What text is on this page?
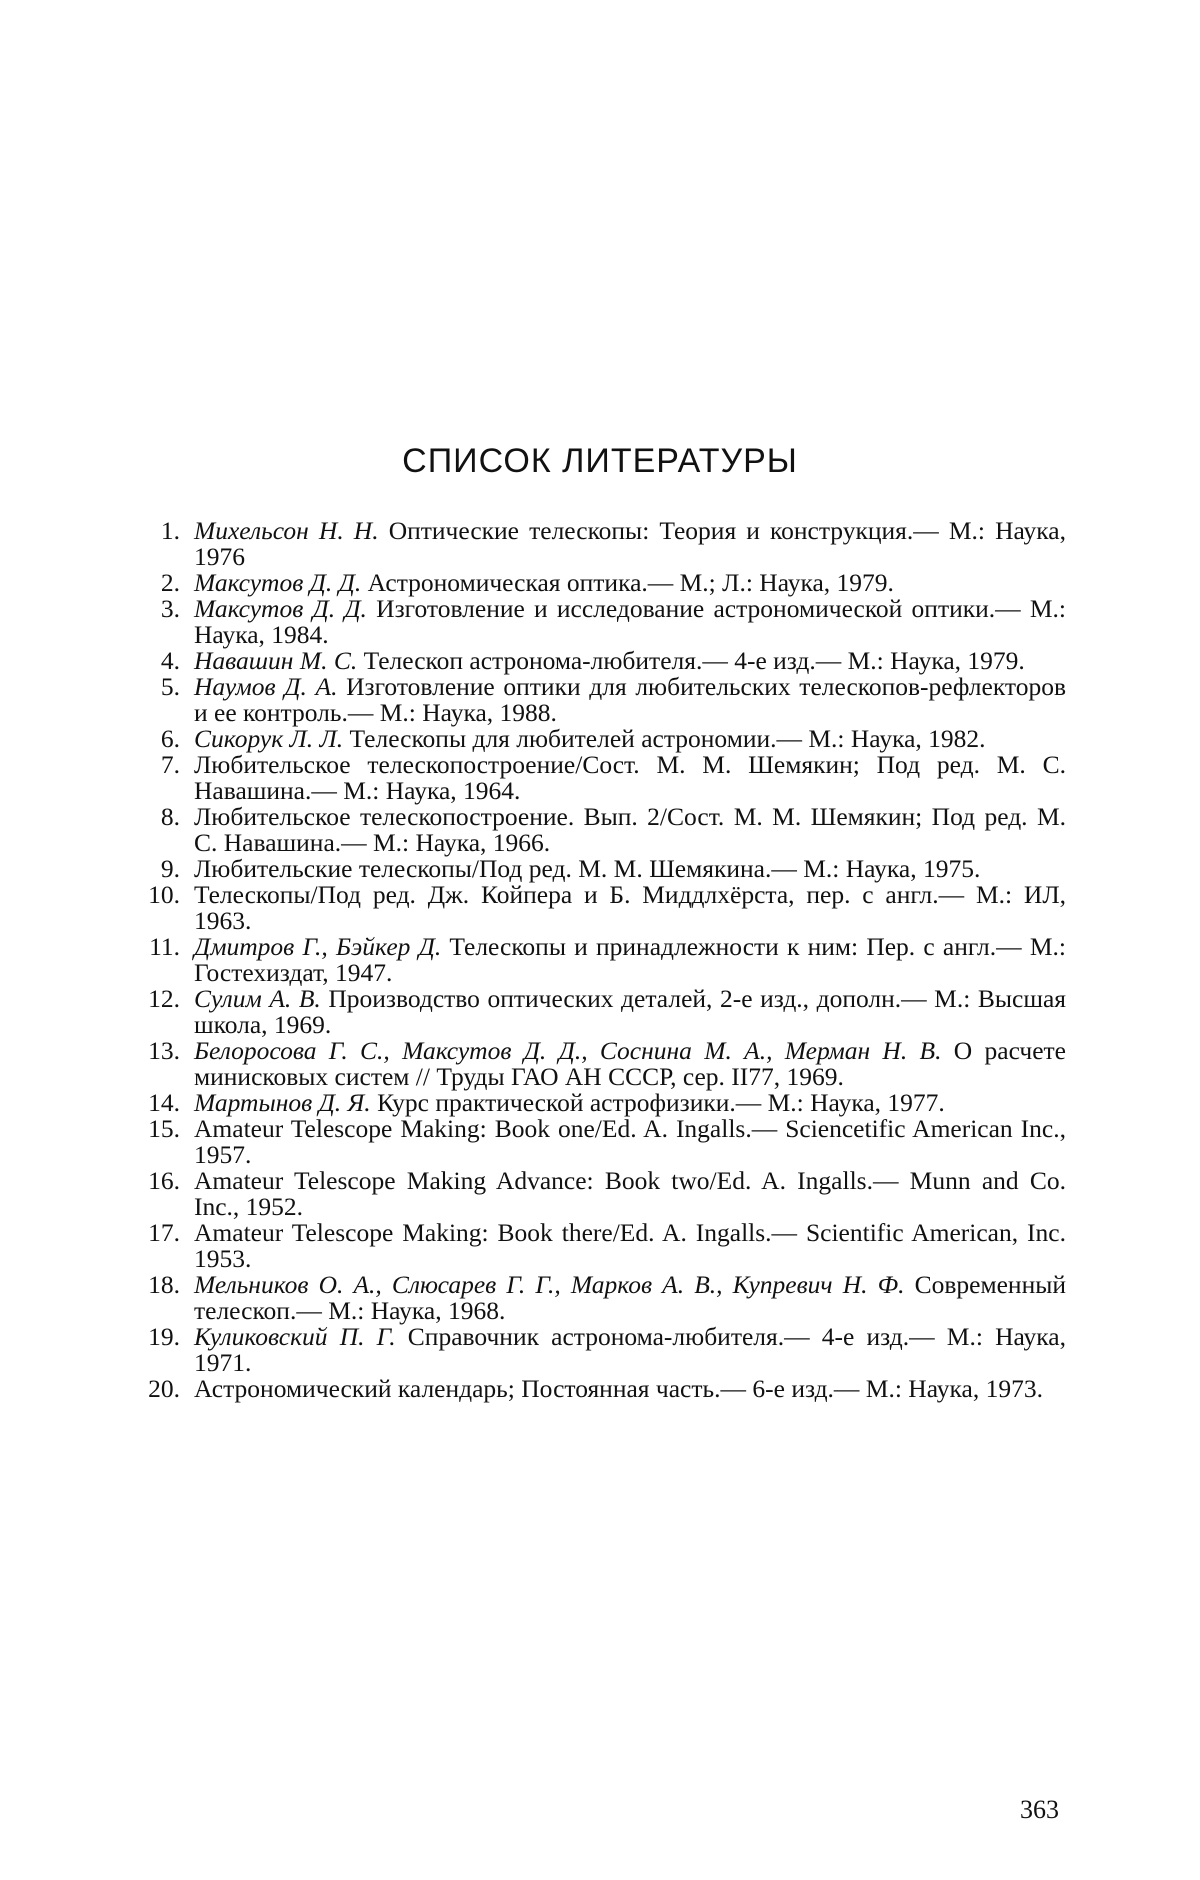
СПИСОК ЛИТЕРАТУРЫ
1. Михельсон Н. Н. Оптические телескопы: Теория и конструкция.— М.: Наука, 1976
2. Максутов Д. Д. Астрономическая оптика.— М.; Л.: Наука, 1979.
3. Максутов Д. Д. Изготовление и исследование астрономической оптики.— М.: Наука, 1984.
4. Навашин М. С. Телескоп астронома-любителя.— 4-е изд.— М.: Наука, 1979.
5. Наумов Д. А. Изготовление оптики для любительских телескопов-рефлекторов и ее контроль.— М.: Наука, 1988.
6. Сикорук Л. Л. Телескопы для любителей астрономии.— М.: Наука, 1982.
7. Любительское телескопостроение/Сост. М. М. Шемякин; Под ред. М. С. Навашина.— М.: Наука, 1964.
8. Любительское телескопостроение. Вып. 2/Сост. М. М. Шемякин; Под ред. М. С. Навашина.— М.: Наука, 1966.
9. Любительские телескопы/Под ред. М. М. Шемякина.— М.: Наука, 1975.
10. Телескопы/Под ред. Дж. Койпера и Б. Миддлхёрста, пер. с англ.— М.: ИЛ, 1963.
11. Дмитров Г., Бэйкер Д. Телескопы и принадлежности к ним: Пер. с англ.— М.: Гостехиздат, 1947.
12. Сулим А. В. Производство оптических деталей, 2-е изд., дополн.— М.: Высшая школа, 1969.
13. Белоросова Г. С., Максутов Д. Д., Соснина М. А., Мерман Н. В. О расчете минисковых систем // Труды ГАО АН СССР, сер. II77, 1969.
14. Мартынов Д. Я. Курс практической астрофизики.— М.: Наука, 1977.
15. Amateur Telescope Making: Book one/Ed. A. Ingalls.— Sciencetific American Inc., 1957.
16. Amateur Telescope Making Advance: Book two/Ed. A. Ingalls.— Munn and Co. Inc., 1952.
17. Amateur Telescope Making: Book there/Ed. A. Ingalls.— Scientific American, Inc. 1953.
18. Мельников О. А., Слюсарев Г. Г., Марков А. В., Купревич Н. Ф. Современный телескоп.— М.: Наука, 1968.
19. Куликовский П. Г. Справочник астронома-любителя.— 4-е изд.— М.: Наука, 1971.
20. Астрономический календарь; Постоянная часть.— 6-е изд.— М.: Наука, 1973.
363
